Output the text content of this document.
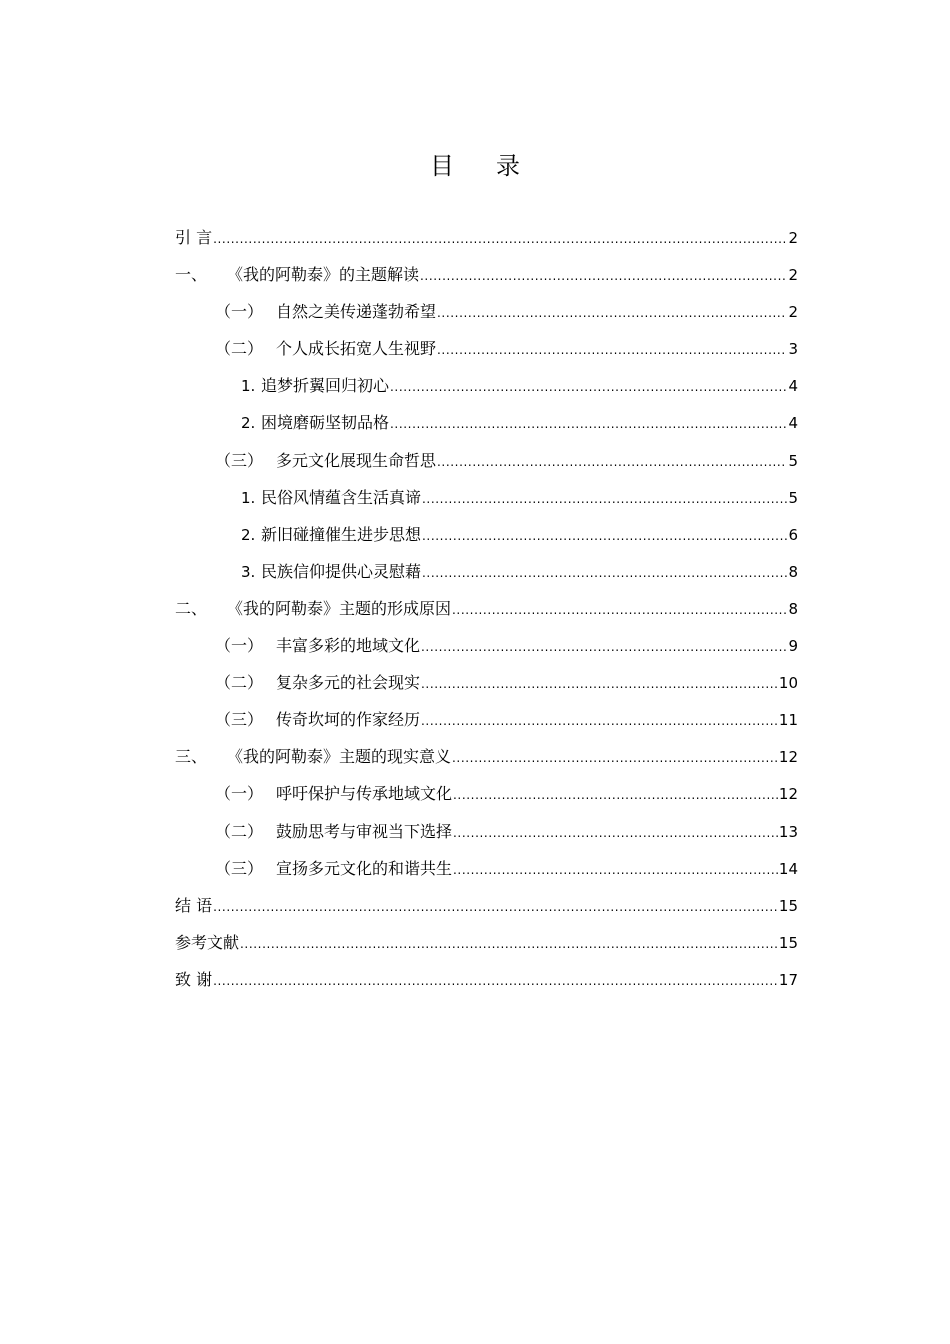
目 录
引 言 .....	2
一、	《我的阿勒泰》的主题解读 .....	2
（一） 自然之美传递蓬勃希望 .....	2
（二） 个人成长拓宽人生视野 .....	3
1. 追梦折翼回归初心 .....	4
2. 困境磨砺坚韧品格 .....	4
（三） 多元文化展现生命哲思 .....	5
1. 民俗风情蕴含生活真谛 .....	5
2. 新旧碰撞催生进步思想 .....	6
3. 民族信仰提供心灵慰藉 .....	8
二、	《我的阿勒泰》主题的形成原因 .....	8
（一） 丰富多彩的地域文化 .....	9
（二） 复杂多元的社会现实 .....	10
（三） 传奇坎坷的作家经历 .....	11
三、	《我的阿勒泰》主题的现实意义 .....	12
（一） 呼吁保护与传承地域文化 .....	12
（二） 鼓励思考与审视当下选择 .....	13
（三） 宣扬多元文化的和谐共生 .....	14
结 语 .....	15
参考文献 .....	15
致 谢 .....	17
